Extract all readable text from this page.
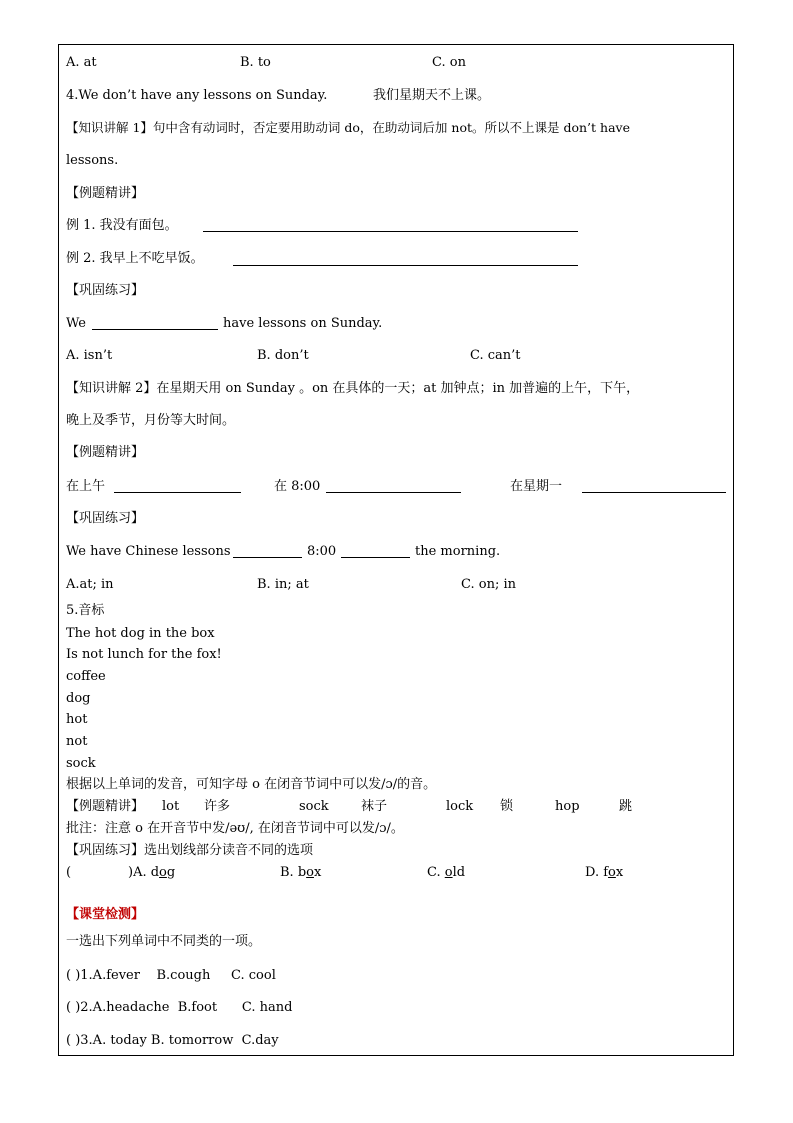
A. at	B. to	C. on
4.We don’t have any lessons on Sunday.	我们星期天不上课。
【知识讲解 1】句中含有动词时，否定要用助动词 do，在助动词后加 not。所以不上课是 don’t have
lessons.
【例题精讲】
例 1. 我没有面包。
例 2. 我早上不吃早饭。
【巩固练习】
We	have lessons on Sunday.
A. isn’t	B. don’t	C. can’t
【知识讲解 2】在星期天用 on Sunday 。on 在具体的一天；at 加钟点；in 加普遍的上午，下午，
晚上及季节，月份等大时间。
【例题精讲】
在上午	在 8:00	在星期一
【巩固练习】
We have Chinese lessons	8:00	the morning.
A.at; in	B. in; at	C. on; in
5.音标
The hot dog in the box
Is not lunch for the fox!
coffee
dog
hot
not
sock
根据以上单词的发音，可知字母 o 在闭音节词中可以发/ɔ/的音。
【例题精讲】 lot 许多	sock 袜子	lock 锁	hop	跳
批注：注意 o 在开音节中发/əʊ/, 在闭音节词中可以发/ɔ/。
【巩固练习】选出划线部分读音不同的选项
(	)A. dog	B. box	C. old	D. fox
【课堂检测】
一选出下列单词中不同类的一项。
( )1.A.fever    B.cough     C. cool
( )2.A.headache  B.foot      C. hand
( )3.A. today B. tomorrow  C.day
